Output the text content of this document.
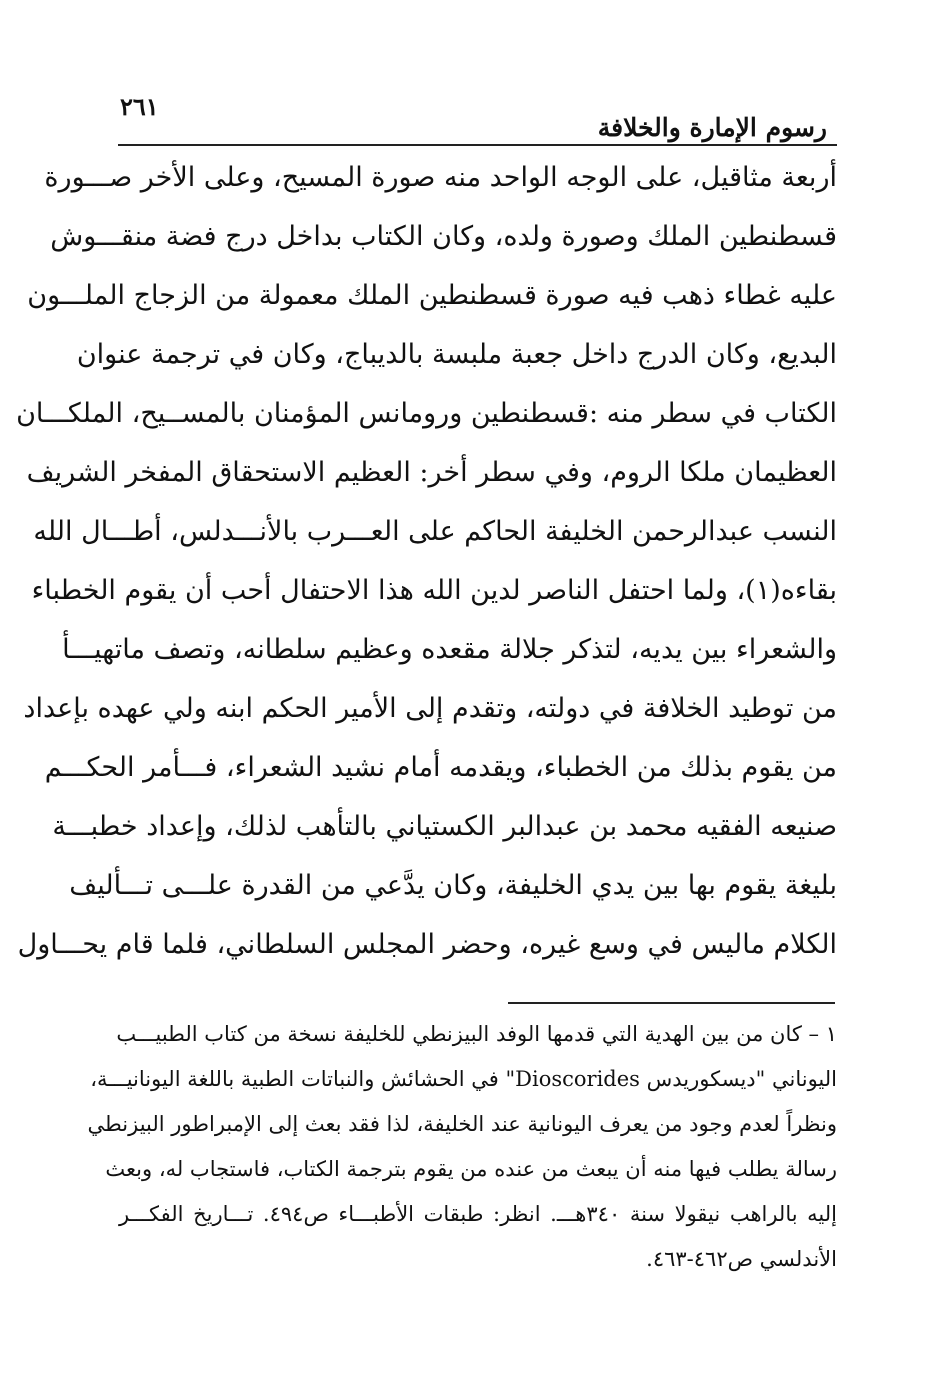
٢٦١
رسوم الإمارة والخلافة
أربعة مثاقيل، على الوجه الواحد منه صورة المسيح، وعلى الأخر صـــورة
قسطنطين الملك وصورة ولده، وكان الكتاب بداخل درج فضة منقـــوش
عليه غطاء ذهب فيه صورة قسطنطين الملك معمولة من الزجاج الملـــون
البديع، وكان الدرج داخل جعبة ملبسة بالديباج، وكان في ترجمة عنوان
الكتاب في سطر منه :قسطنطين ورومانس المؤمنان بالمســيح، الملكـــان
العظيمان ملكا الروم، وفي سطر أخر: العظيم الاستحقاق المفخر الشريف
النسب عبدالرحمن الخليفة الحاكم على العـــرب بالأنـــدلس، أطـــال الله
بقاءه(١)، ولما احتفل الناصر لدين الله هذا الاحتفال أحب أن يقوم الخطباء
والشعراء بين يديه، لتذكر جلالة مقعده وعظيم سلطانه، وتصف ماتهيـــأ
من توطيد الخلافة في دولته، وتقدم إلى الأمير الحكم ابنه ولي عهده بإعداد
من يقوم بذلك من الخطباء، ويقدمه أمام نشيد الشعراء، فـــأمر الحكـــم
صنيعه الفقيه محمد بن عبدالبر الكستياني بالتأهب لذلك، وإعداد خطبـــة
بليغة يقوم بها بين يدي الخليفة، وكان يدَّعي من القدرة علـــى تـــأليف
الكلام ماليس في وسع غيره، وحضر المجلس السلطاني، فلما قام يحـــاول
١ – كان من بين الهدية التي قدمها الوفد البيزنطي للخليفة نسخة من كتاب الطبيـــب
اليوناني "ديسكوريدس Dioscorides" في الحشائش والنباتات الطبية باللغة اليونانيـــة،
ونظراً لعدم وجود من يعرف اليونانية عند الخليفة، لذا فقد بعث إلى الإمبراطور البيزنطي
رسالة يطلب فيها منه أن يبعث من عنده من يقوم بترجمة الكتاب، فاستجاب له، وبعث
إليه بالراهب نيقولا سنة ٣٤٠هـــ. انظر: طبقات الأطبـــاء ص٤٩٤. تـــاريخ الفكـــر
الأندلسي ص٤٦٢-٤٦٣.
